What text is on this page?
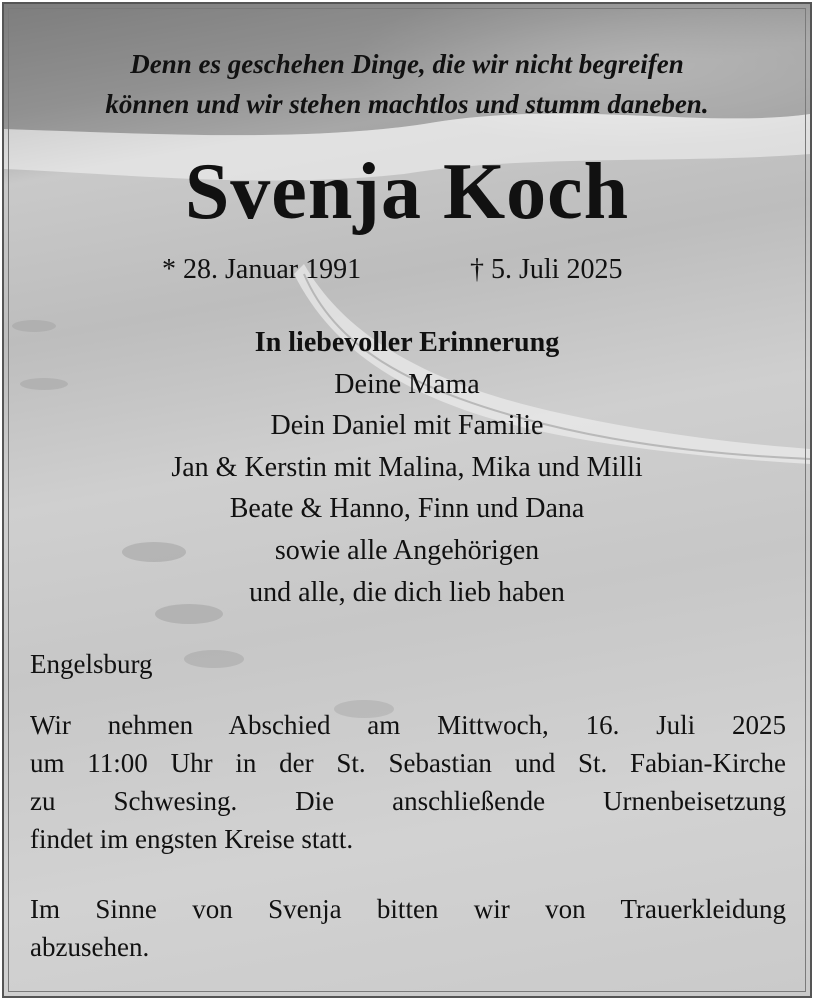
Denn es geschehen Dinge, die wir nicht begreifen
können und wir stehen machtlos und stumm daneben.
Svenja Koch
* 28. Januar 1991	† 5. Juli 2025
In liebevoller Erinnerung
Deine Mama
Dein Daniel mit Familie
Jan & Kerstin mit Malina, Mika und Milli
Beate & Hanno, Finn und Dana
sowie alle Angehörigen
und alle, die dich lieb haben
Engelsburg
Wir nehmen Abschied am Mittwoch, 16. Juli 2025
um 11:00 Uhr in der St. Sebastian und St. Fabian-Kirche
zu Schwesing. Die anschließende Urnenbeisetzung
findet im engsten Kreise statt.
Im Sinne von Svenja bitten wir von Trauerkleidung
abzusehen.
